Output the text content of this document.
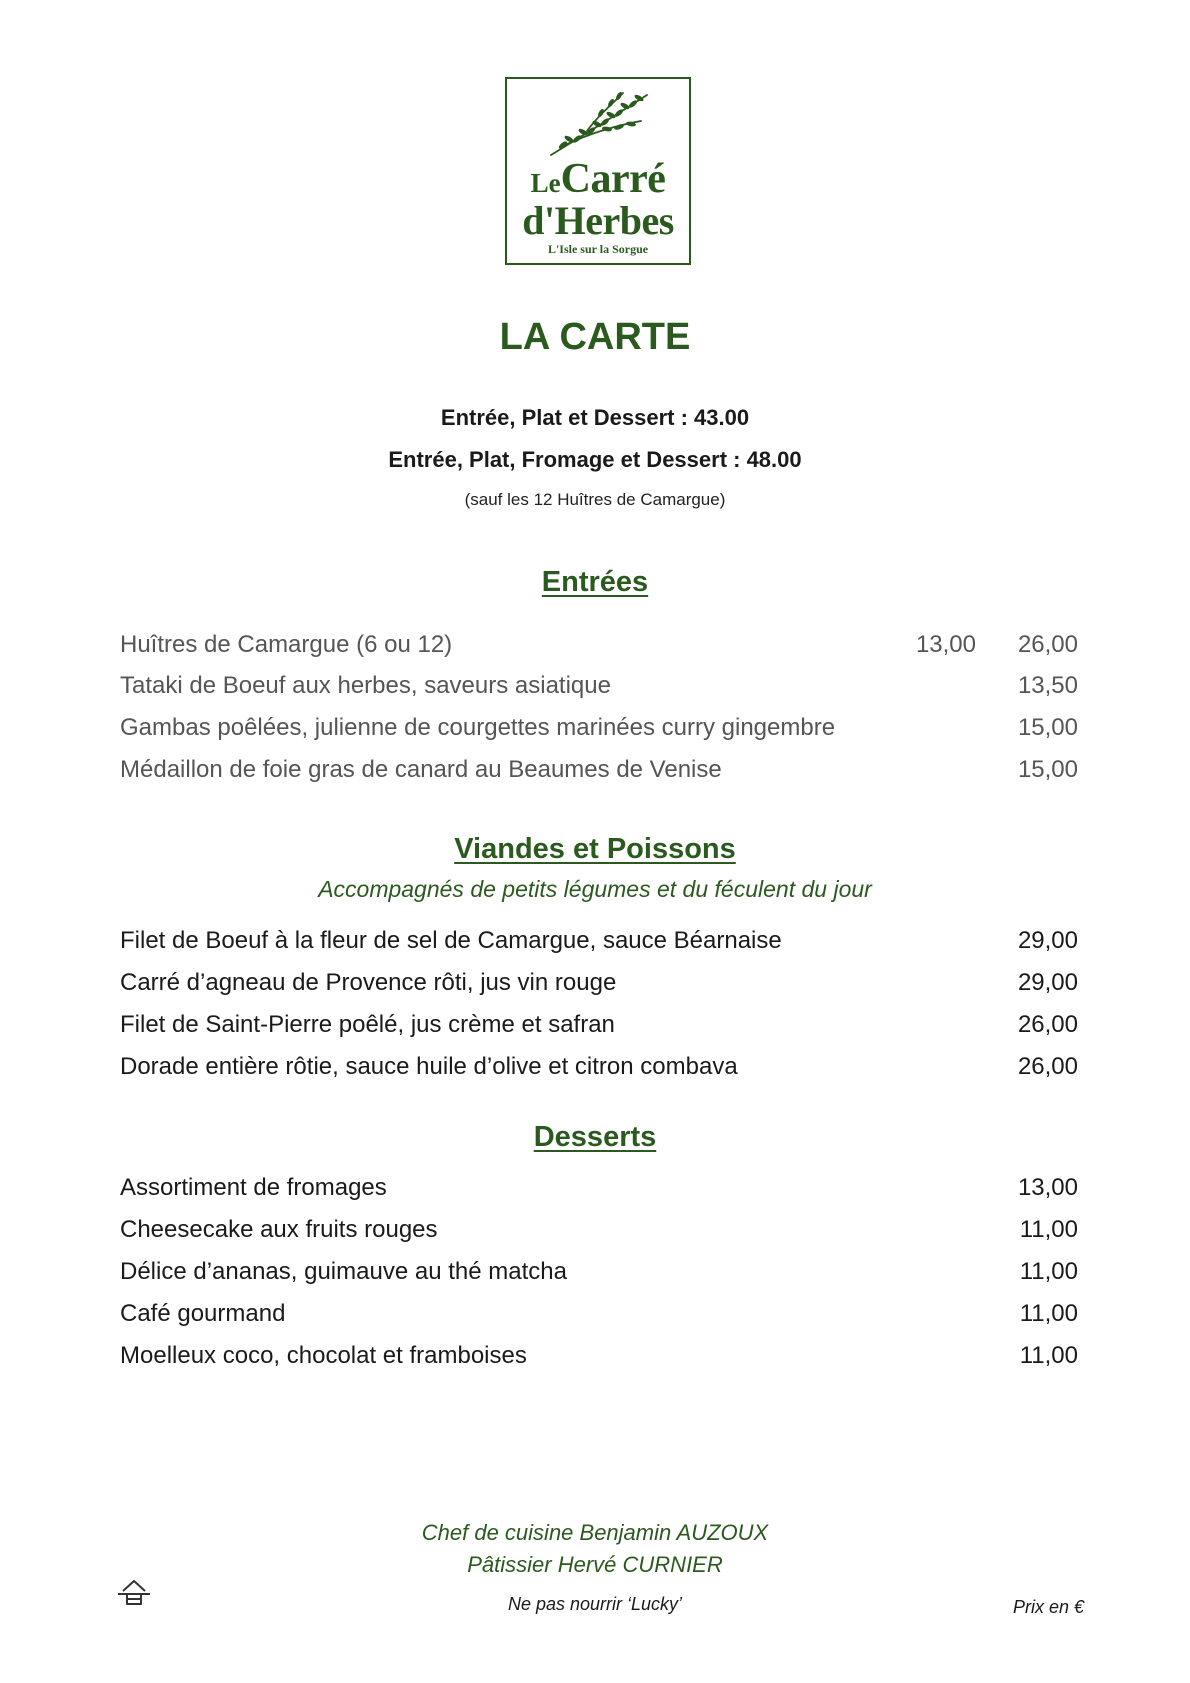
LeCarré
d'Herbes
L'Isle sur la Sorgue
LA CARTE
Entrée, Plat et Dessert : 43.00
Entrée, Plat, Fromage et Dessert : 48.00
(sauf les 12 Huîtres de Camargue)
Entrées
Huîtres de Camargue (6 ou 12)	13,00 26,00
Tataki de Boeuf aux herbes, saveurs asiatique	13,50
Gambas poêlées, julienne de courgettes marinées curry gingembre	15,00
Médaillon de foie gras de canard au Beaumes de Venise	15,00
Viandes et Poissons
Accompagnés de petits légumes et du féculent du jour
Filet de Boeuf à la fleur de sel de Camargue, sauce Béarnaise	29,00
Carré d’agneau de Provence rôti, jus vin rouge	29,00
Filet de Saint-Pierre poêlé, jus crème et safran	26,00
Dorade entière rôtie, sauce huile d’olive et citron combava	26,00
Desserts
Assortiment de fromages	13,00
Cheesecake aux fruits rouges	11,00
Délice d’ananas, guimauve au thé matcha	11,00
Café gourmand	11,00
Moelleux coco, chocolat et framboises	11,00
Chef de cuisine Benjamin AUZOUX
Pâtissier Hervé CURNIER
Ne pas nourrir ‘Lucky’	Prix en €
